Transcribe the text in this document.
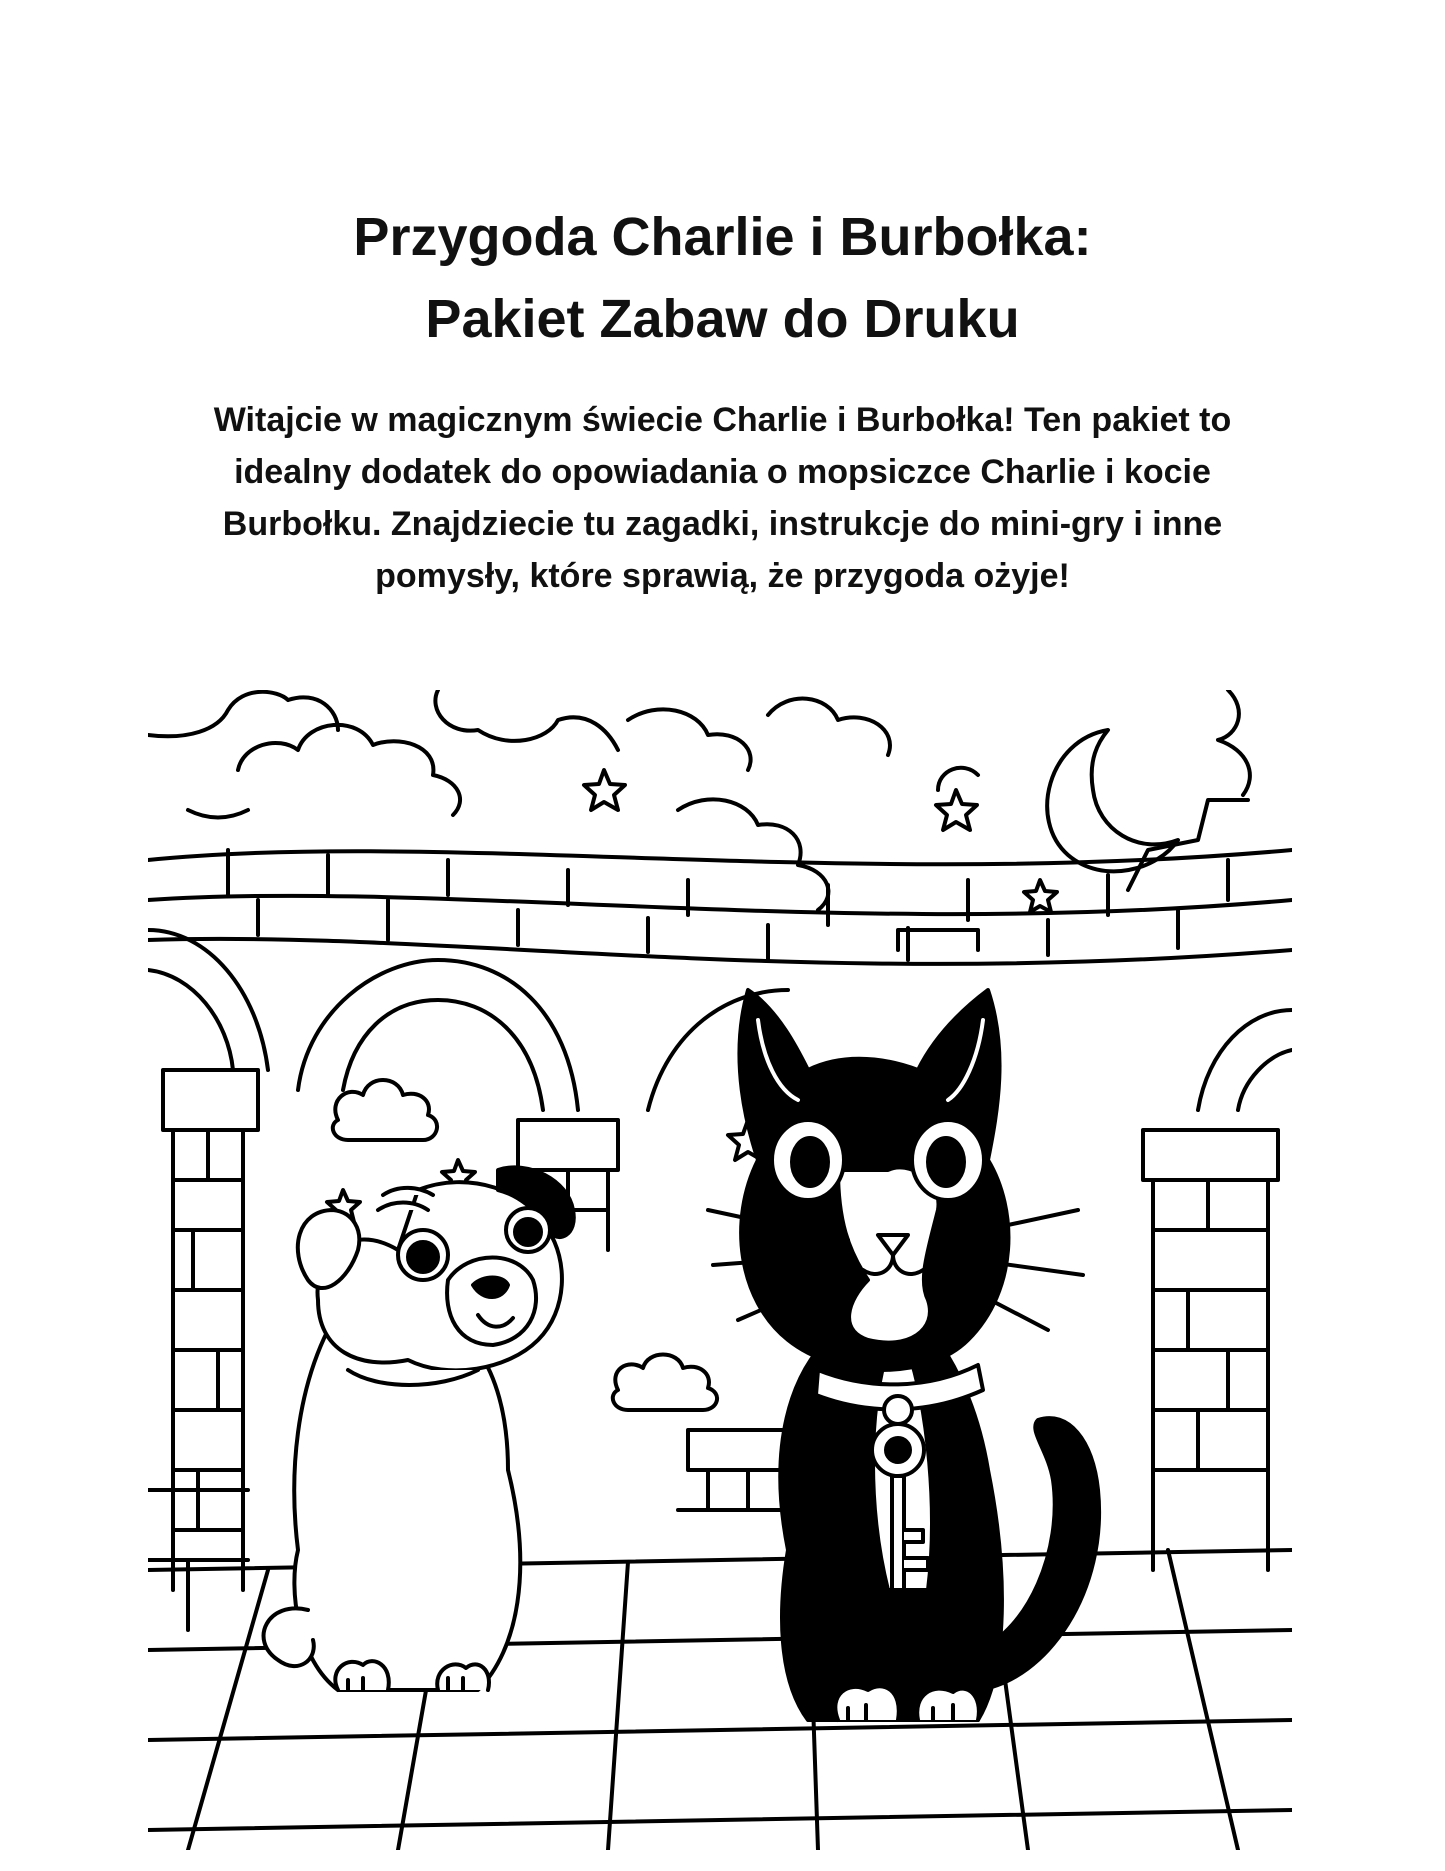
Przygoda Charlie i Burbołka:
Pakiet Zabaw do Druku

Witajcie w magicznym świecie Charlie i Burbołka! Ten pakiet to idealny dodatek do opowiadania o mopsiczce Charlie i kocie Burbołku. Znajdziecie tu zagadki, instrukcje do mini-gry i inne pomysły, które sprawią, że przygoda ożyje!
